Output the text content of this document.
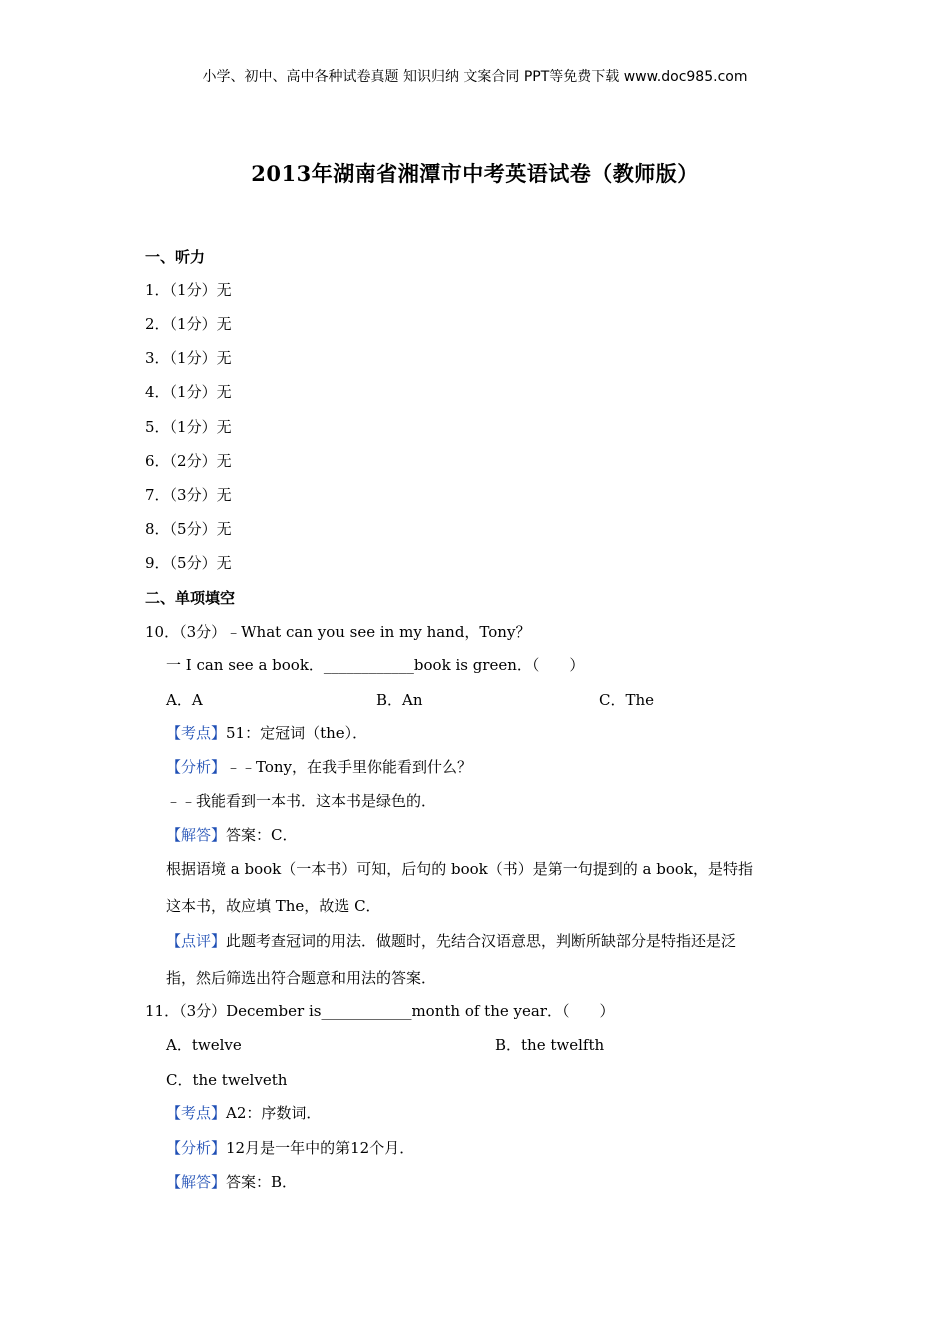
小学、初中、高中各种试卷真题 知识归纳 文案合同 PPT等免费下载 www.doc985.com
2013年湖南省湘潭市中考英语试卷（教师版）
一、听力
1．（1分）无
2．（1分）无
3．（1分）无
4．（1分）无
5．（1分）无
6．（2分）无
7．（3分）无
8．（5分）无
9．（5分）无
二、单项填空
10．（3分）﹣What can you see in my hand，Tony？
一 I can see a book．____________book is green．（　　）
A．A	B．An	C．The
【考点】51：定冠词（the）．
【分析】﹣﹣Tony，在我手里你能看到什么？
﹣﹣我能看到一本书．这本书是绿色的．
【解答】答案：C．
根据语境 a book（一本书）可知，后句的 book（书）是第一句提到的 a book，是特指
这本书，故应填 The，故选 C．
【点评】此题考查冠词的用法．做题时，先结合汉语意思，判断所缺部分是特指还是泛
指，然后筛选出符合题意和用法的答案．
11．（3分）December is____________month of the year．（　　）
A．twelve	B．the twelfth
C．the twelveth
【考点】A2：序数词．
【分析】12月是一年中的第12个月．
【解答】答案：B．
